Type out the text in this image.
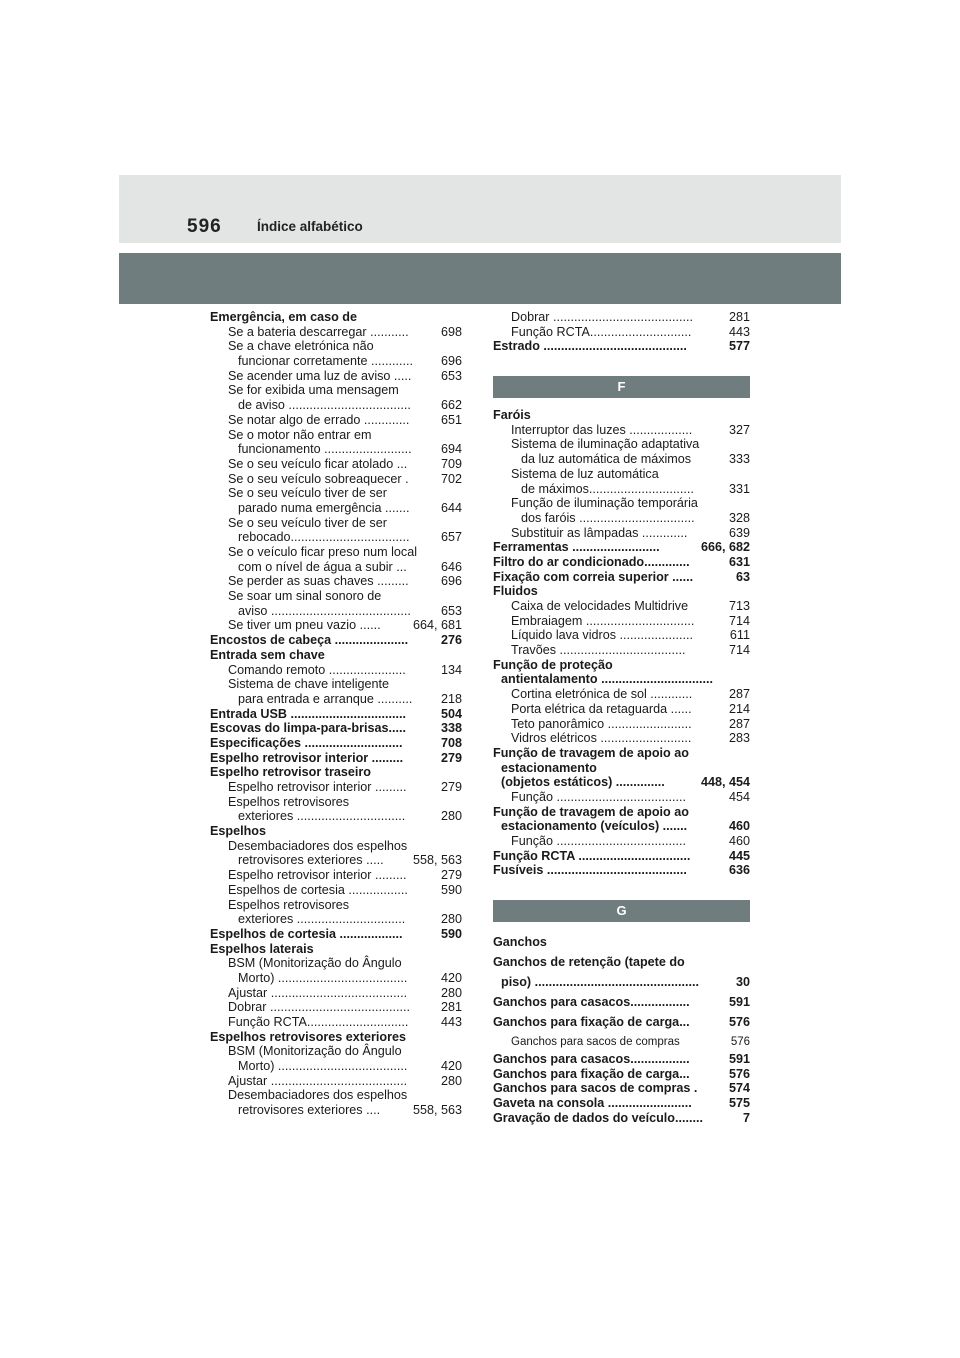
596	Índice alfabético
Emergência, em caso de
Se a bateria descarregar ...........	698
Se a chave eletrónica não
funcionar corretamente ............ 696
Se acender uma luz de aviso ..... 653
Se for exibida uma mensagem
de aviso ................................... 662
Se notar algo de errado .............	651
Se o motor não entrar em
funcionamento ......................... 694
Se o seu veículo ficar atolado ...	709
Se o seu veículo sobreaquecer .	702
Se o seu veículo tiver de ser
parado numa emergência ....... 644
Se o seu veículo tiver de ser
rebocado..................................	657
Se o veículo ficar preso num local
com o nível de água a subir ...	646
Se perder as suas chaves .........	696
Se soar um sinal sonoro de
aviso ........................................ 653
Se tiver um pneu vazio ......	664, 681
Encostos de cabeça .....................	276
Entrada sem chave
Comando remoto ......................	134
Sistema de chave inteligente
para entrada e arranque .......... 218
Entrada USB .................................	504
Escovas do limpa-para-brisas.....	338
Especificações ............................	708
Espelho retrovisor interior .........	279
Espelho retrovisor traseiro
Espelho retrovisor interior .........	279
Espelhos retrovisores
exteriores ...............................	280
Espelhos
Desembaciadores dos espelhos
retrovisores exteriores ..... 558, 563
Espelho retrovisor interior .........	279
Espelhos de cortesia .................	590
Espelhos retrovisores
exteriores ...............................	280
Espelhos de cortesia ..................	590
Espelhos laterais
BSM (Monitorização do Ângulo
Morto) .....................................	420
Ajustar .......................................	280
Dobrar ........................................ 281
Função RCTA.............................	443
Espelhos retrovisores exteriores
BSM (Monitorização do Ângulo
Morto) .....................................	420
Ajustar .......................................	280
Desembaciadores dos espelhos
retrovisores exteriores ....	558, 563
Dobrar ........................................	281
Função RCTA.............................	443
Estrado .........................................	577
F
Faróis
Interruptor das luzes ..................	327
Sistema de iluminação adaptativa
da luz automática de máximos	333
Sistema de luz automática
de máximos..............................	331
Função de iluminação temporária
dos faróis .................................	328
Substituir as lâmpadas .............	639
Ferramentas .........................	666, 682
Filtro do ar condicionado.............	631
Fixação com correia superior ......	63
Fluidos
Caixa de velocidades Multidrive	713
Embraiagem ...............................	714
Líquido lava vidros .....................	611
Travões ....................................	714
Função de proteção
antientalamento ................................
Cortina eletrónica de sol ............	287
Porta elétrica da retaguarda ......	214
Teto panorâmico ........................	287
Vidros elétricos ..........................	283
Função de travagem de apoio ao
estacionamento
(objetos estáticos) ..............	448, 454
Função .....................................	454
Função de travagem de apoio ao
estacionamento (veículos) .......	460
Função .....................................	460
Função RCTA ................................	445
Fusíveis ........................................	636
G
Ganchos
Ganchos de retenção (tapete do
piso) ...............................................	30
Ganchos para casacos.................	591
Ganchos para fixação de carga...	576
Ganchos para sacos de compras	576
Ganchos para casacos.................	591
Ganchos para fixação de carga...	576
Ganchos para sacos de compras .	574
Gaveta na consola ........................	575
Gravação de dados do veículo........	7
